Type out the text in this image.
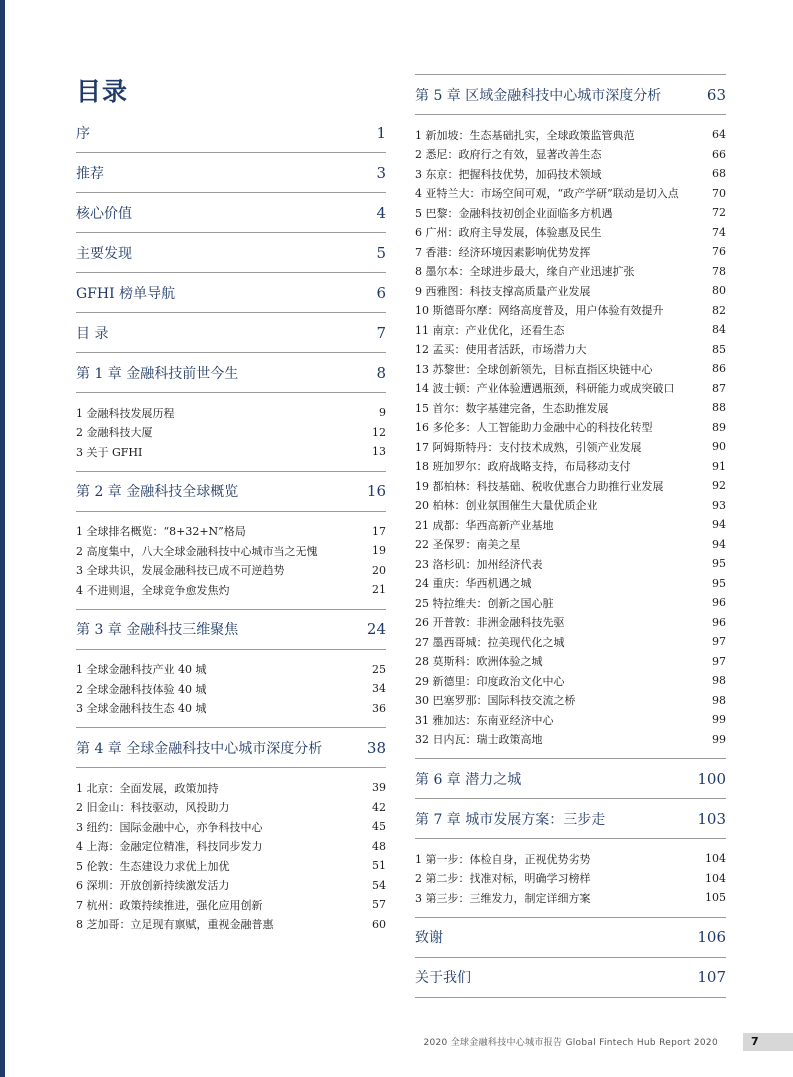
目录
序	1
推荐	3
核心价值	4
主要发现	5
GFHI 榜单导航	6
目 录	7
第 1 章 金融科技前世今生	8
1 金融科技发展历程	9
2 金融科技大厦	12
3 关于 GFHI	13
第 2 章 金融科技全球概览	16
1 全球排名概览：“8+32+N”格局	17
2 高度集中，八大全球金融科技中心城市当之无愧	19
3 全球共识，发展金融科技已成不可逆趋势	20
4 不进则退，全球竞争愈发焦灼	21
第 3 章 金融科技三维聚焦	24
1 全球金融科技产业 40 城	25
2 全球金融科技体验 40 城	34
3 全球金融科技生态 40 城	36
第 4 章 全球金融科技中心城市深度分析	38
1 北京：全面发展，政策加持	39
2 旧金山：科技驱动，风投助力	42
3 纽约：国际金融中心，亦争科技中心	45
4 上海：金融定位精准，科技同步发力	48
5 伦敦：生态建设力求优上加优	51
6 深圳：开放创新持续激发活力	54
7 杭州：政策持续推进，强化应用创新	57
8 芝加哥：立足现有禀赋，重视金融普惠	60
第 5 章 区域金融科技中心城市深度分析	63
1 新加坡：生态基础扎实，全球政策监管典范	64
2 悉尼：政府行之有效，显著改善生态	66
3 东京：把握科技优势，加码技术领域	68
4 亚特兰大：市场空间可观，“政产学研”联动是切入点	70
5 巴黎：金融科技初创企业面临多方机遇	72
6 广州：政府主导发展，体验惠及民生	74
7 香港：经济环境因素影响优势发挥	76
8 墨尔本：全球进步最大，缘自产业迅速扩张	78
9 西雅图：科技支撑高质量产业发展	80
10 斯德哥尔摩：网络高度普及，用户体验有效提升	82
11 南京：产业优化，还看生态	84
12 孟买：使用者活跃，市场潜力大	85
13 苏黎世：全球创新领先，目标直指区块链中心	86
14 波士顿：产业体验遭遇瓶颈，科研能力或成突破口	87
15 首尔：数字基建完备，生态助推发展	88
16 多伦多：人工智能助力金融中心的科技化转型	89
17 阿姆斯特丹：支付技术成熟，引领产业发展	90
18 班加罗尔：政府战略支持，布局移动支付	91
19 都柏林：科技基础、税收优惠合力助推行业发展	92
20 柏林：创业氛围催生大量优质企业	93
21 成都：华西高新产业基地	94
22 圣保罗：南美之星	94
23 洛杉矶：加州经济代表	95
24 重庆：华西机遇之城	95
25 特拉维夫：创新之国心脏	96
26 开普敦：非洲金融科技先驱	96
27 墨西哥城：拉美现代化之城	97
28 莫斯科：欧洲体验之城	97
29 新德里：印度政治文化中心	98
30 巴塞罗那：国际科技交流之桥	98
31 雅加达：东南亚经济中心	99
32 日内瓦：瑞士政策高地	99
第 6 章 潜力之城	100
第 7 章 城市发展方案：三步走	103
1 第一步：体检自身，正视优势劣势	104
2 第二步：找准对标，明确学习榜样	104
3 第三步：三维发力，制定详细方案	105
致谢	106
关于我们	107
2020 全球金融科技中心城市报告 Global Fintech Hub Report 2020	7
